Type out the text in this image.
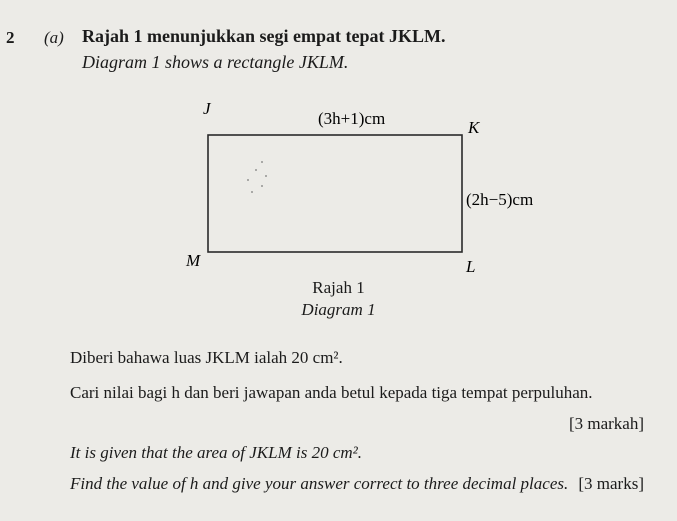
2 (a) Rajah 1 menunjukkan segi empat tepat JKLM.
Diagram 1 shows a rectangle JKLM.
J
K
L
M
(3h+1)cm
(2h−5)cm
Rajah 1
Diagram 1
Diberi bahawa luas JKLM ialah 20 cm².
Cari nilai bagi h dan beri jawapan anda betul kepada tiga tempat perpuluhan.
[3 markah]
It is given that the area of JKLM is 20 cm².
Find the value of h and give your answer correct to three decimal places. [3 marks]
